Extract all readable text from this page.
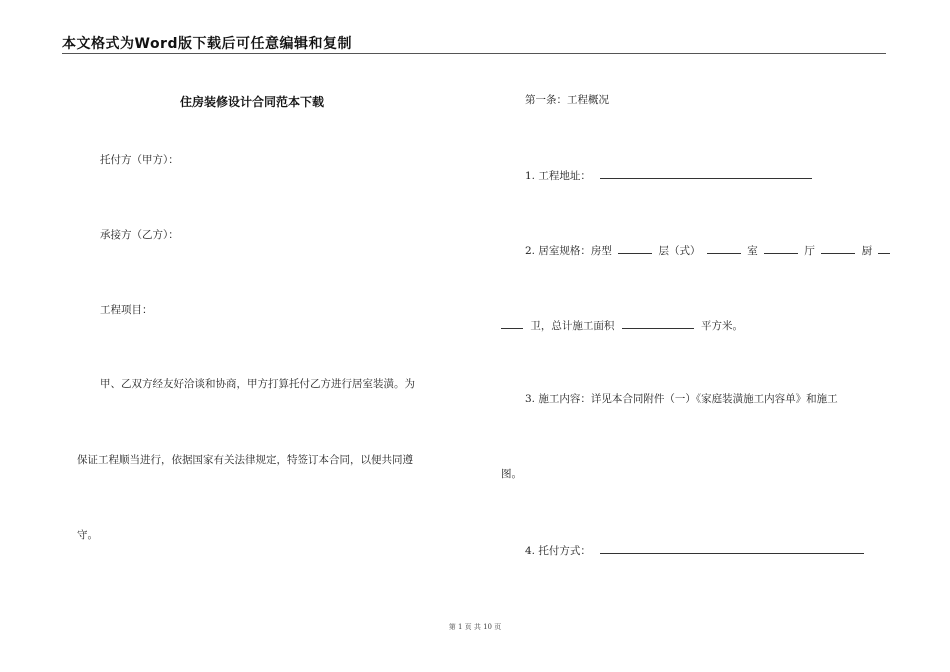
本文格式为Word版下载后可任意编辑和复制
住房装修设计合同范本下载
托付方（甲方）：
承接方（乙方）：
工程项目：
甲、乙双方经友好洽谈和协商，甲方打算托付乙方进行居室装潢。为
保证工程顺当进行，依据国家有关法律规定，特签订本合同，以便共同遵
守。
第一条：工程概况
1. 工程地址：
2. 居室规格：房型	层（式）	室	厅	厨
卫，总计施工面积	平方米。
3. 施工内容：详见本合同附件（一）《家庭装潢施工内容单》和施工
图。
4. 托付方式：
第 1 页 共 10 页
